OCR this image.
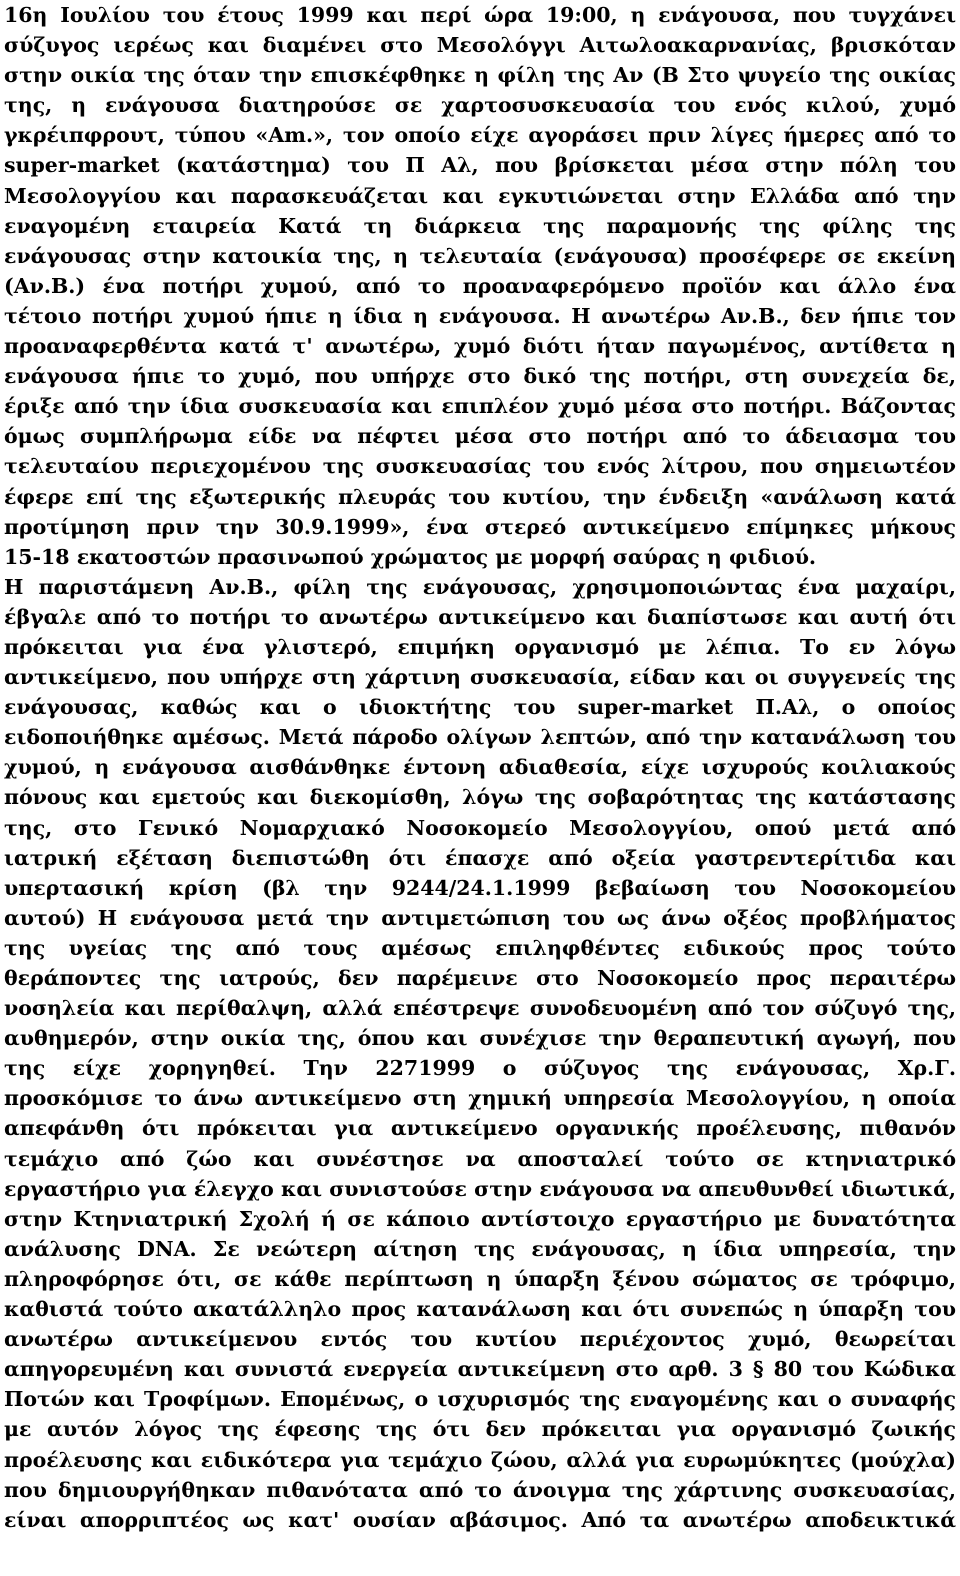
16η Ιουλίου του έτους 1999 και περί ώρα 19:00, η ενάγουσα, που τυγχάνει
σύζυγος ιερέως και διαμένει στο Μεσολόγγι Αιτωλοακαρνανίας, βρισκόταν
στην οικία της όταν την επισκέφθηκε η φίλη της Αν (Β Στο ψυγείο της οικίας
της, η ενάγουσα διατηρούσε σε χαρτοσυσκευασία του ενός κιλού, χυμό
γκρέιπφρουτ, τύπου «Am.», τον οποίο είχε αγοράσει πριν λίγες ήμερες από το
super-market (κατάστημα) του Π Αλ, που βρίσκεται μέσα στην πόλη του
Μεσολογγίου και παρασκευάζεται και εγκυτιώνεται στην Ελλάδα από την
εναγομένη εταιρεία Κατά τη διάρκεια της παραμονής της φίλης της
ενάγουσας στην κατοικία της, η τελευταία (ενάγουσα) προσέφερε σε εκείνη
(Αν.Β.) ένα ποτήρι χυμού, από το προαναφερόμενο προϊόν και άλλο ένα
τέτοιο ποτήρι χυμού ήπιε η ίδια η ενάγουσα. Η ανωτέρω Αν.Β., δεν ήπιε τον
προαναφερθέντα κατά τ' ανωτέρω, χυμό διότι ήταν παγωμένος, αντίθετα η
ενάγουσα ήπιε το χυμό, που υπήρχε στο δικό της ποτήρι, στη συνεχεία δε,
έριξε από την ίδια συσκευασία και επιπλέον χυμό μέσα στο ποτήρι. Βάζοντας
όμως συμπλήρωμα είδε να πέφτει μέσα στο ποτήρι από το άδειασμα του
τελευταίου περιεχομένου της συσκευασίας του ενός λίτρου, που σημειωτέον
έφερε επί της εξωτερικής πλευράς του κυτίου, την ένδειξη «ανάλωση κατά
προτίμηση πριν την 30.9.1999», ένα στερεό αντικείμενο επίμηκες μήκους
15-18 εκατοστών πρασινωπού χρώματος με μορφή σαύρας η φιδιού.
Η παριστάμενη Αν.Β., φίλη της ενάγουσας, χρησιμοποιώντας ένα μαχαίρι,
έβγαλε από το ποτήρι το ανωτέρω αντικείμενο και διαπίστωσε και αυτή ότι
πρόκειται για ένα γλιστερό, επιμήκη οργανισμό με λέπια. Το εν λόγω
αντικείμενο, που υπήρχε στη χάρτινη συσκευασία, είδαν και οι συγγενείς της
ενάγουσας, καθώς και ο ιδιοκτήτης του super-market Π.Αλ, ο οποίος
ειδοποιήθηκε αμέσως. Μετά πάροδο ολίγων λεπτών, από την κατανάλωση του
χυμού, η ενάγουσα αισθάνθηκε έντονη αδιαθεσία, είχε ισχυρούς κοιλιακούς
πόνους και εμετούς και διεκομίσθη, λόγω της σοβαρότητας της κατάστασης
της, στο Γενικό Νομαρχιακό Νοσοκομείο Μεσολογγίου, οπού μετά από
ιατρική εξέταση διεπιστώθη ότι έπασχε από οξεία γαστρεντερίτιδα και
υπερτασική κρίση (βλ την 9244/24.1.1999 βεβαίωση του Νοσοκομείου
αυτού) Η ενάγουσα μετά την αντιμετώπιση του ως άνω οξέος προβλήματος
της υγείας της από τους αμέσως επιληφθέντες ειδικούς προς τούτο
θεράποντες της ιατρούς, δεν παρέμεινε στο Νοσοκομείο προς περαιτέρω
νοσηλεία και περίθαλψη, αλλά επέστρεψε συνοδευομένη από τον σύζυγό της,
αυθημερόν, στην οικία της, όπου και συνέχισε την θεραπευτική αγωγή, που
της είχε χορηγηθεί. Την 2271999 ο σύζυγος της ενάγουσας, Χρ.Γ.
προσκόμισε το άνω αντικείμενο στη χημική υπηρεσία Μεσολογγίου, η οποία
απεφάνθη ότι πρόκειται για αντικείμενο οργανικής προέλευσης, πιθανόν
τεμάχιο από ζώο και συνέστησε να αποσταλεί τούτο σε κτηνιατρικό
εργαστήριο για έλεγχο και συνιστούσε στην ενάγουσα να απευθυνθεί ιδιωτικά,
στην Κτηνιατρική Σχολή ή σε κάποιο αντίστοιχο εργαστήριο με δυνατότητα
ανάλυσης DNA. Σε νεώτερη αίτηση της ενάγουσας, η ίδια υπηρεσία, την
πληροφόρησε ότι, σε κάθε περίπτωση η ύπαρξη ξένου σώματος σε τρόφιμο,
καθιστά τούτο ακατάλληλο προς κατανάλωση και ότι συνεπώς η ύπαρξη του
ανωτέρω αντικείμενου εντός του κυτίου περιέχοντος χυμό, θεωρείται
απηγορευμένη και συνιστά ενεργεία αντικείμενη στο αρθ. 3 § 80 του Κώδικα
Ποτών και Τροφίμων. Επομένως, ο ισχυρισμός της εναγομένης και ο συναφής
με αυτόν λόγος της έφεσης της ότι δεν πρόκειται για οργανισμό ζωικής
προέλευσης και ειδικότερα για τεμάχιο ζώου, αλλά για ευρωμύκητες (μούχλα)
που δημιουργήθηκαν πιθανότατα από το άνοιγμα της χάρτινης συσκευασίας,
είναι απορριπτέος ως κατ' ουσίαν αβάσιμος. Από τα ανωτέρω αποδεικτικά
